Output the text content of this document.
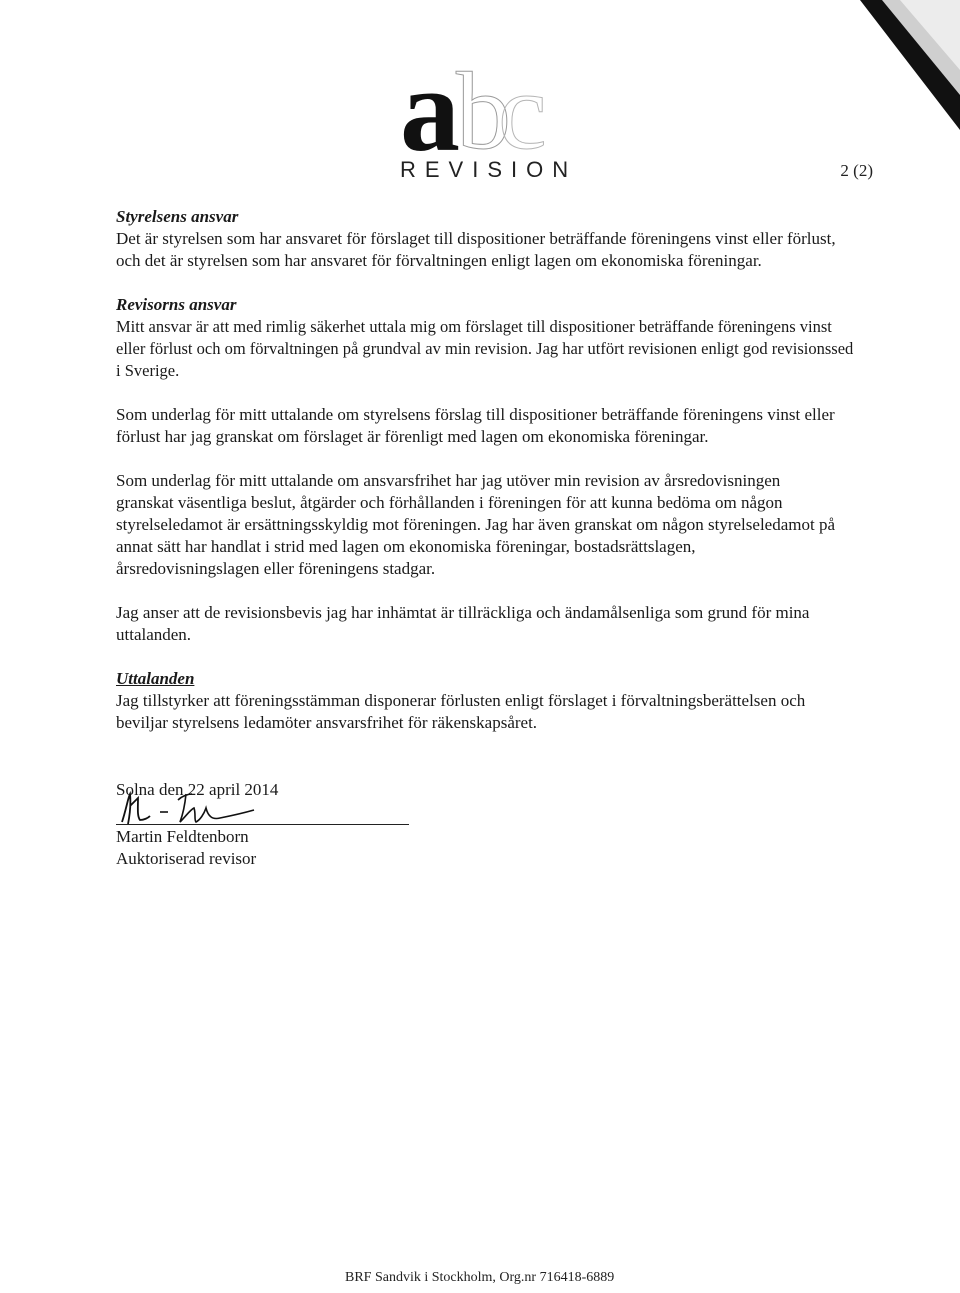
a
b
c
REVISION	2 (2)

Styrelsens ansvar

Det är styrelsen som har ansvaret för förslaget till dispositioner beträffande föreningens vinst eller förlust, och det är styrelsen som har ansvaret för förvaltningen enligt lagen om ekonomiska föreningar.

Revisorns ansvar

Mitt ansvar är att med rimlig säkerhet uttala mig om förslaget till dispositioner beträffande föreningens vinst eller förlust och om förvaltningen på grundval av min revision. Jag har utfört revisionen enligt god revisionssed i Sverige.

Som underlag för mitt uttalande om styrelsens förslag till dispositioner beträffande föreningens vinst eller förlust har jag granskat om förslaget är förenligt med lagen om ekonomiska föreningar.

Som underlag för mitt uttalande om ansvarsfrihet har jag utöver min revision av årsredovisningen granskat väsentliga beslut, åtgärder och förhållanden i föreningen för att kunna bedöma om någon styrelseledamot är ersättningsskyldig mot föreningen. Jag har även granskat om någon styrelseledamot på annat sätt har handlat i strid med lagen om ekonomiska föreningar, bostadsrättslagen, årsredovisningslagen eller föreningens stadgar.

Jag anser att de revisionsbevis jag har inhämtat är tillräckliga och ändamålsenliga som grund för mina uttalanden.

Uttalanden

Jag tillstyrker att föreningsstämman disponerar förlusten enligt förslaget i förvaltningsberättelsen och beviljar styrelsens ledamöter ansvarsfrihet för räkenskapsåret.

Solna den 22 april 2014

Martin Feldtenborn
Auktoriserad revisor
BRF Sandvik i Stockholm, Org.nr 716418-6889
